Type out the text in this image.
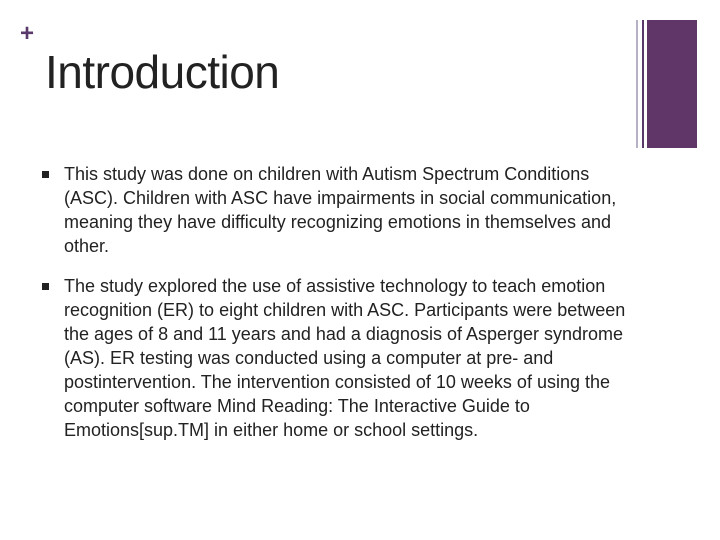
+
Introduction
This study was done on children with Autism Spectrum Conditions (ASC). Children with ASC have impairments in social communication, meaning they have difficulty recognizing emotions in themselves and other.
The study explored the use of assistive technology to teach emotion recognition (ER) to eight children with ASC. Participants were between the ages of 8 and 11 years and had a diagnosis of Asperger syndrome (AS). ER testing was conducted using a computer at pre- and postintervention. The intervention consisted of 10 weeks of using the computer software Mind Reading: The Interactive Guide to Emotions[sup.TM] in either home or school settings.
